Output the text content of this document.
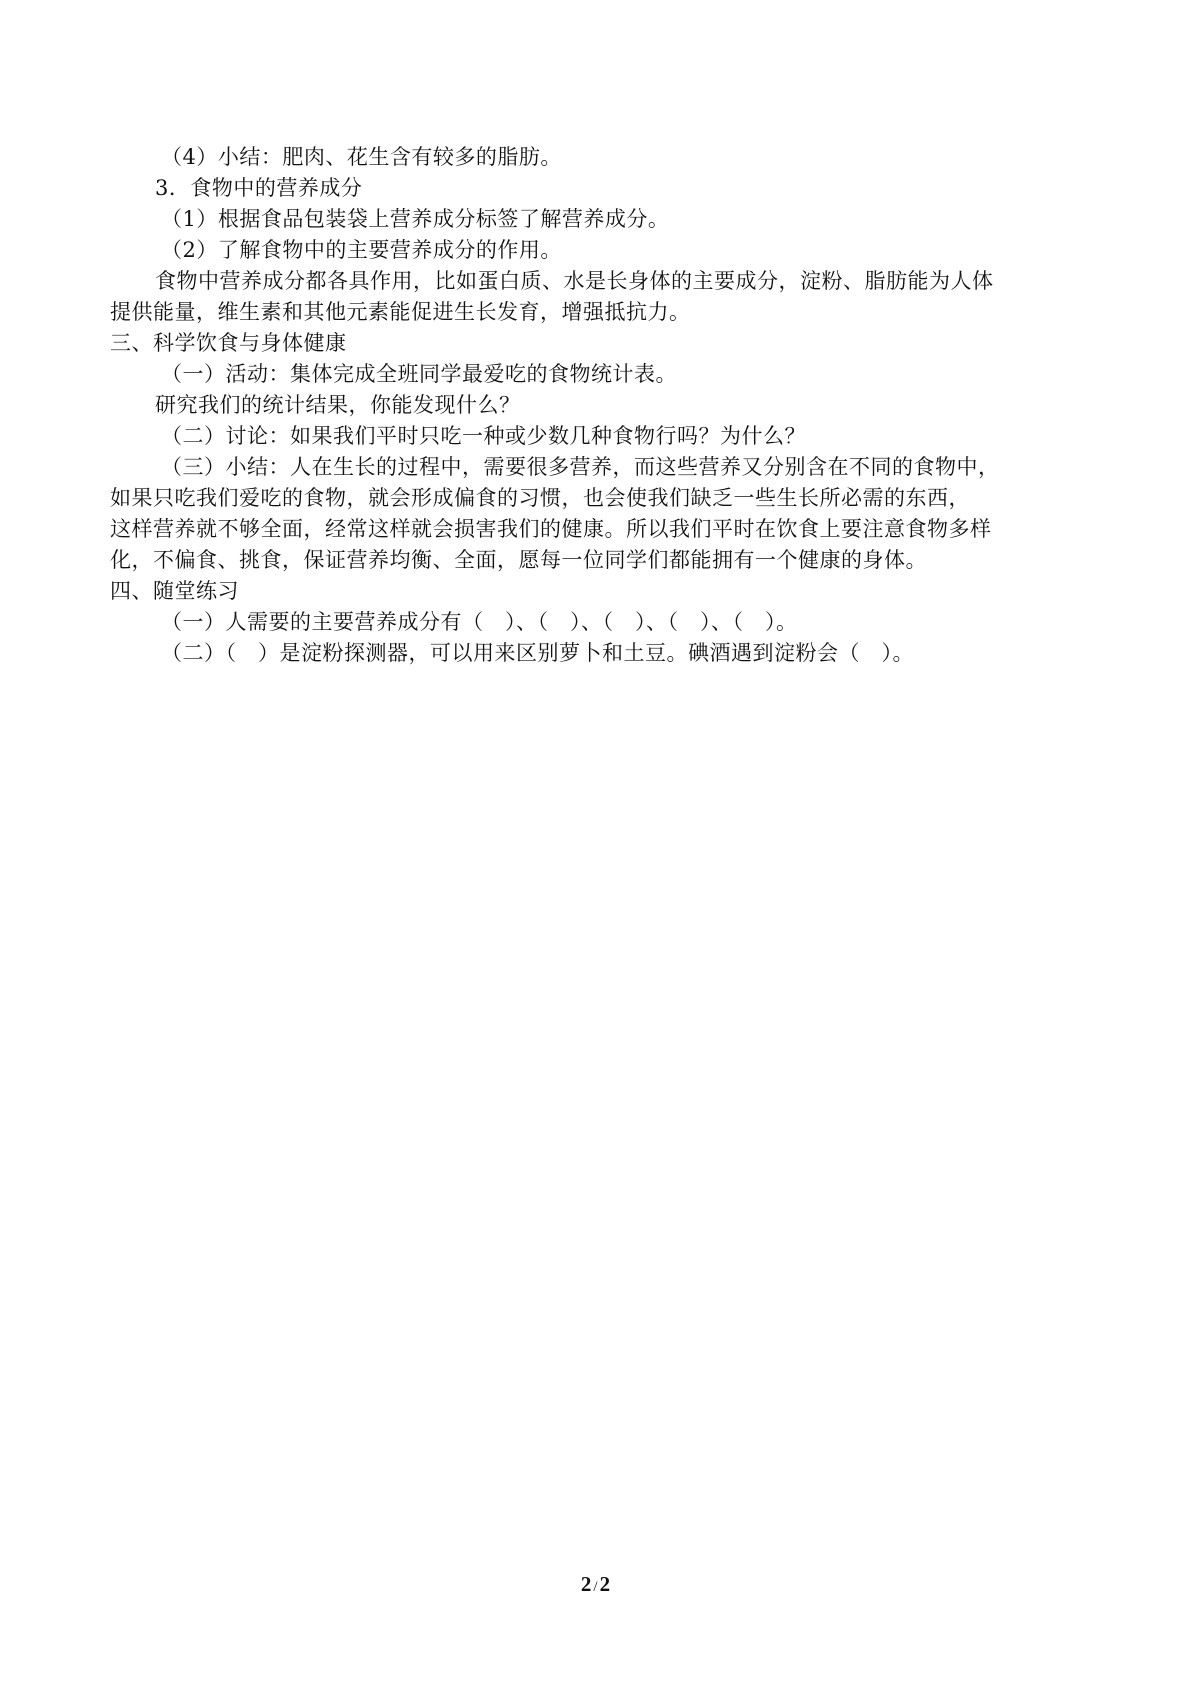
（4）小结：肥肉、花生含有较多的脂肪。
3．食物中的营养成分
（1）根据食品包装袋上营养成分标签了解营养成分。
（2）了解食物中的主要营养成分的作用。
食物中营养成分都各具作用，比如蛋白质、水是长身体的主要成分，淀粉、脂肪能为人体
提供能量，维生素和其他元素能促进生长发育，增强抵抗力。
三、科学饮食与身体健康
（一）活动：集体完成全班同学最爱吃的食物统计表。
研究我们的统计结果，你能发现什么？
（二）讨论：如果我们平时只吃一种或少数几种食物行吗？为什么？
（三）小结：人在生长的过程中，需要很多营养，而这些营养又分别含在不同的食物中，
如果只吃我们爱吃的食物，就会形成偏食的习惯，也会使我们缺乏一些生长所必需的东西，
这样营养就不够全面，经常这样就会损害我们的健康。所以我们平时在饮食上要注意食物多样
化，不偏食、挑食，保证营养均衡、全面，愿每一位同学们都能拥有一个健康的身体。
四、随堂练习
（一）人需要的主要营养成分有（　）、（　）、（　）、（　）、（　）。
（二）（　）是淀粉探测器，可以用来区别萝卜和土豆。碘酒遇到淀粉会（　）。
2 /2
